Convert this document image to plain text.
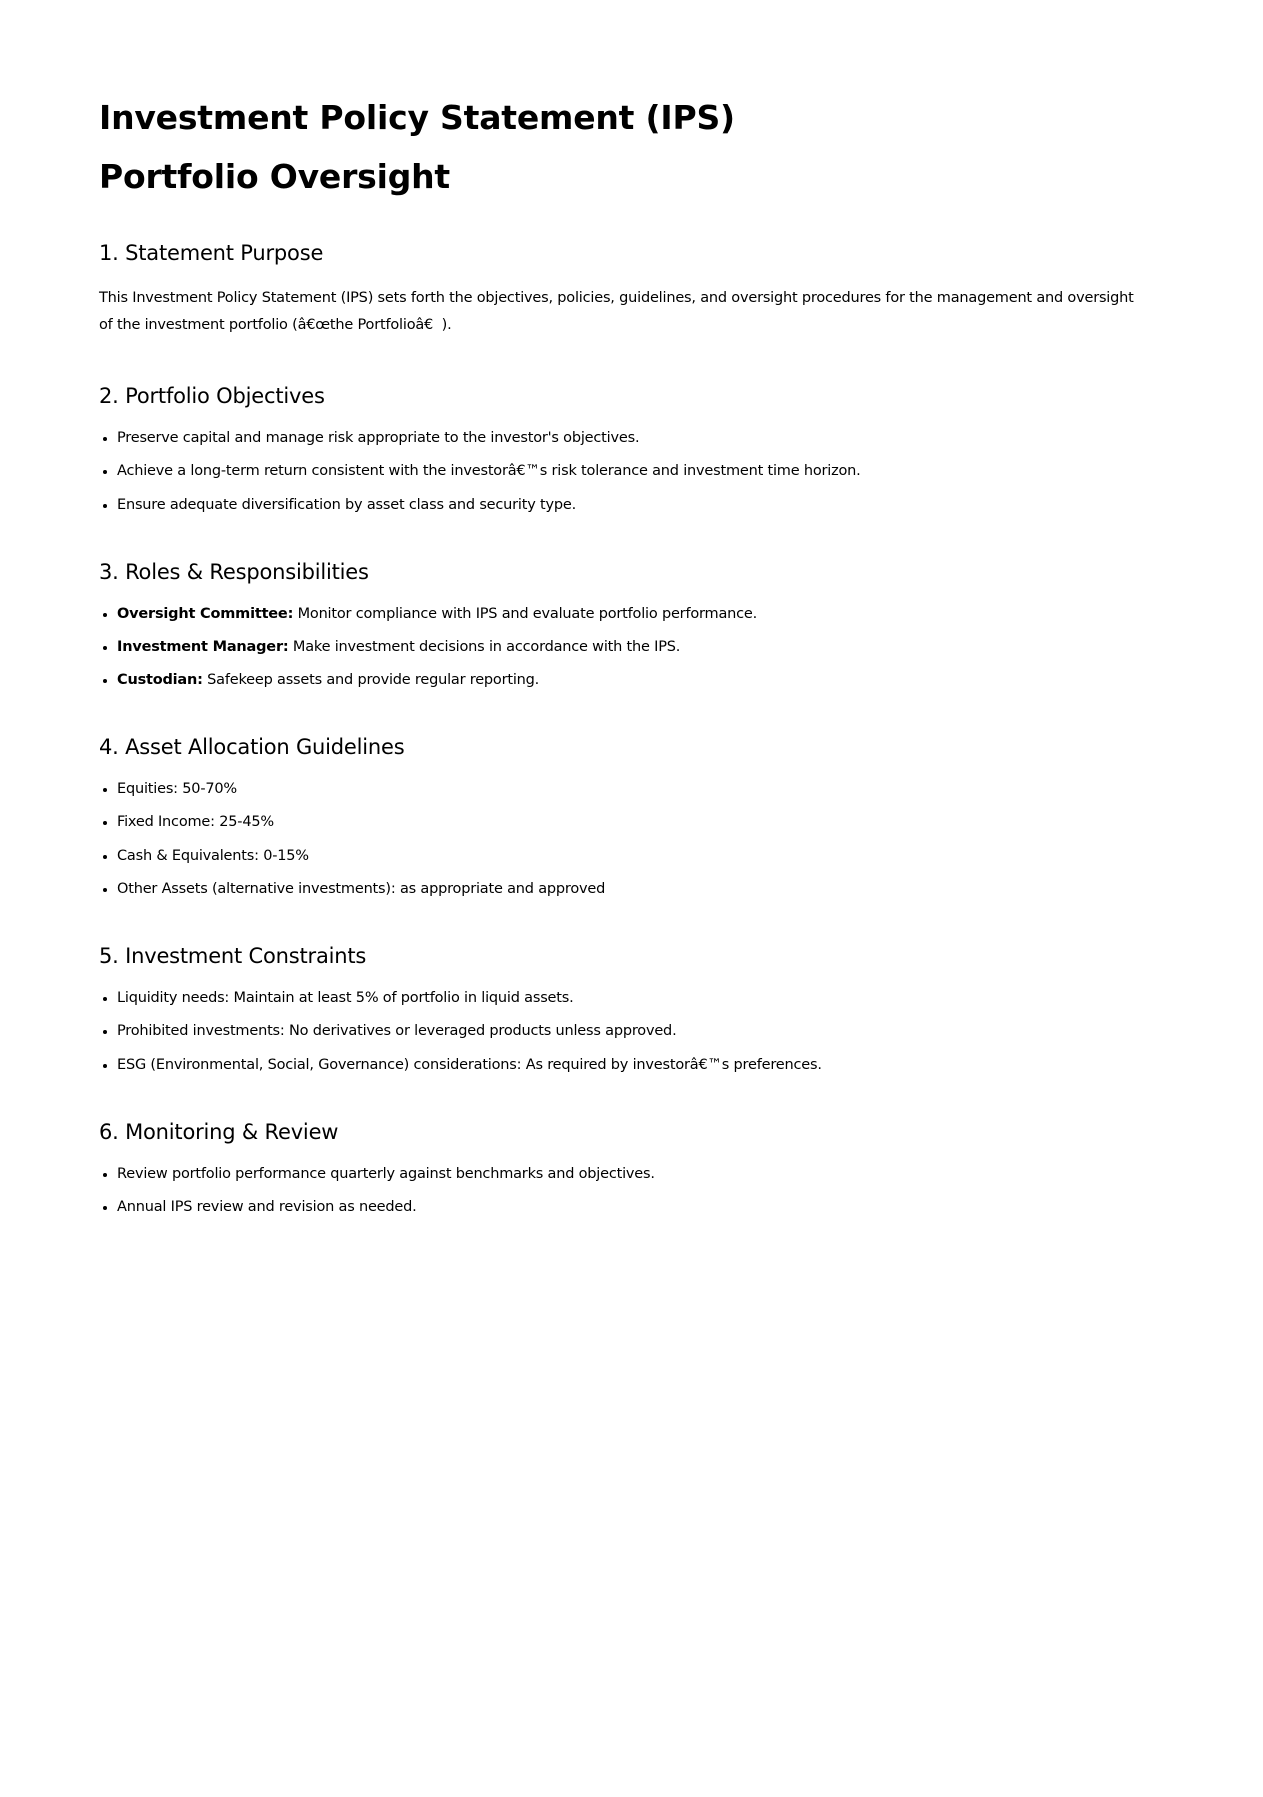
Investment Policy Statement (IPS)
Portfolio Oversight
1. Statement Purpose

This Investment Policy Statement (IPS) sets forth the objectives, policies, guidelines, and oversight procedures for the management and oversight of the investment portfolio (â€œthe Portfolioâ€).

2. Portfolio Objectives
• Preserve capital and manage risk appropriate to the investor's objectives.
• Achieve a long-term return consistent with the investorâ€™s risk tolerance and investment time horizon.
• Ensure adequate diversification by asset class and security type.
3. Roles & Responsibilities
• Oversight Committee: Monitor compliance with IPS and evaluate portfolio performance.
• Investment Manager: Make investment decisions in accordance with the IPS.
• Custodian: Safekeep assets and provide regular reporting.
4. Asset Allocation Guidelines
• Equities: 50-70%
• Fixed Income: 25-45%
• Cash & Equivalents: 0-15%
• Other Assets (alternative investments): as appropriate and approved
5. Investment Constraints
• Liquidity needs: Maintain at least 5% of portfolio in liquid assets.
• Prohibited investments: No derivatives or leveraged products unless approved.
• ESG (Environmental, Social, Governance) considerations: As required by investorâ€™s preferences.
6. Monitoring & Review
• Review portfolio performance quarterly against benchmarks and objectives.
• Annual IPS review and revision as needed.
